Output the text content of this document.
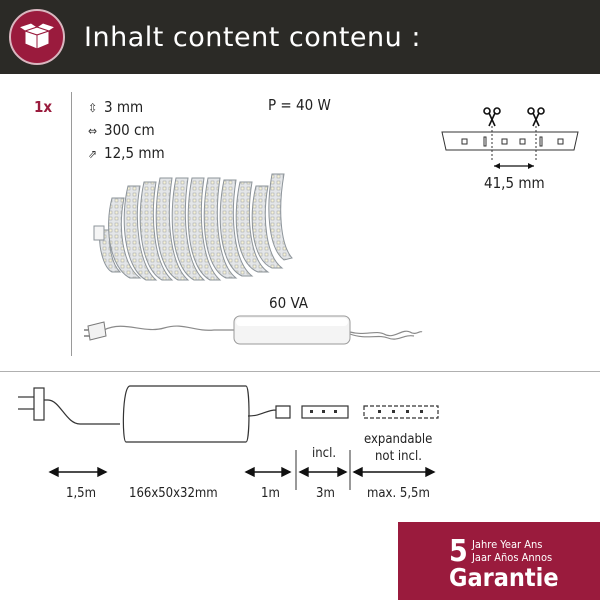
Inhalt content contenu :
1x	⇳ 3 mm
⇔ 300 cm
⇗ 12,5 mm
P = 40 W
60 VA
41,5 mm
1,5m	166x50x32mm	1m
incl.
3m
expandable
not incl.
max. 5,5m
5 Jahre Year Ans
Jaar Años Annos
Garantie
